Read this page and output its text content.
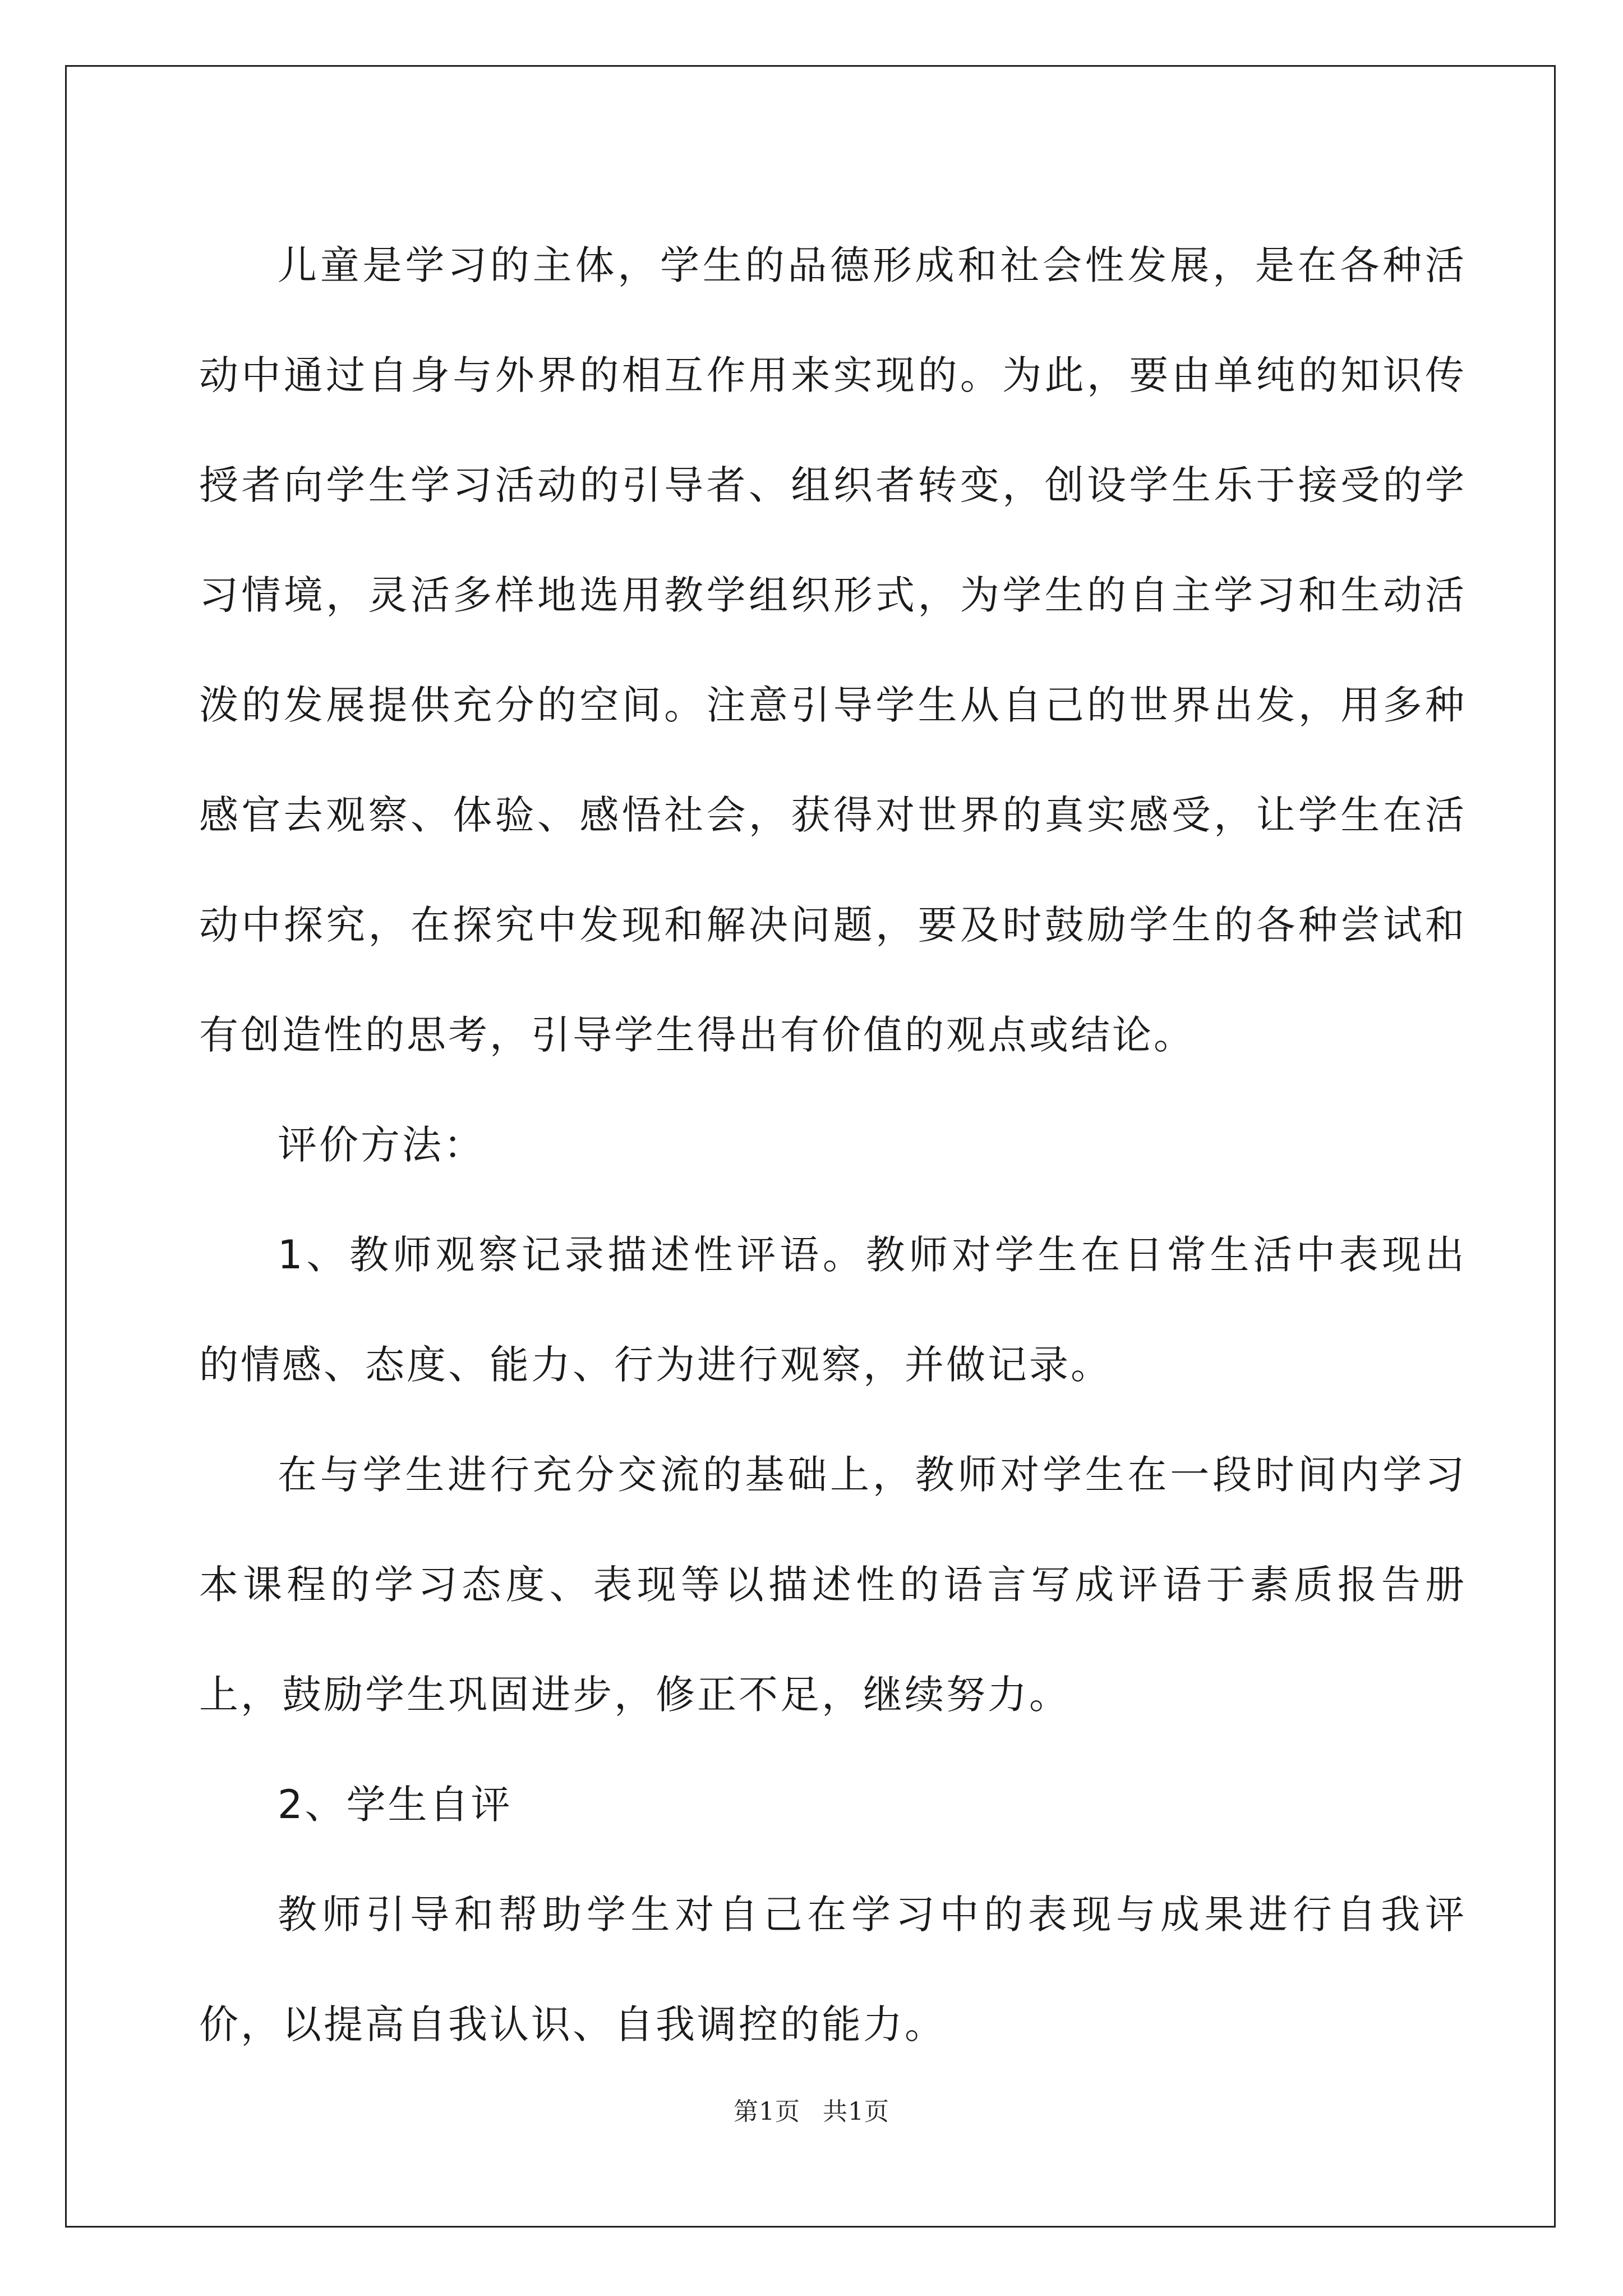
儿童是学习的主体，学生的品德形成和社会性发展，是在各种活动中通过自身与外界的相互作用来实现的。为此，要由单纯的知识传授者向学生学习活动的引导者、组织者转变，创设学生乐于接受的学习情境，灵活多样地选用教学组织形式，为学生的自主学习和生动活泼的发展提供充分的空间。注意引导学生从自己的世界出发，用多种感官去观察、体验、感悟社会，获得对世界的真实感受，让学生在活动中探究，在探究中发现和解决问题，要及时鼓励学生的各种尝试和有创造性的思考，引导学生得出有价值的观点或结论。

评价方法：

1、教师观察记录描述性评语。教师对学生在日常生活中表现出的情感、态度、能力、行为进行观察，并做记录。

在与学生进行充分交流的基础上，教师对学生在一段时间内学习本课程的学习态度、表现等以描述性的语言写成评语于素质报告册上，鼓励学生巩固进步，修正不足，继续努力。

2、学生自评

教师引导和帮助学生对自己在学习中的表现与成果进行自我评价，以提高自我认识、自我调控的能力。

第1页 共1页
